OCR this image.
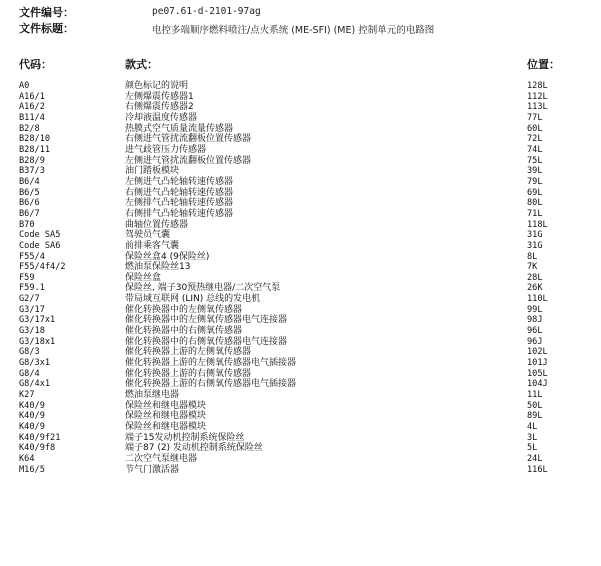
文件编号：	pe07.61-d-2101-97ag
文件标题：	电控多端顺序燃料喷注/点火系统 (ME-SFI) (ME) 控制单元的电路图
代码：	款式：	位置：
A0	颜色标记的说明	128L
A16/1	左侧爆震传感器1	112L
A16/2	右侧爆震传感器2	113L
B11/4	冷却液温度传感器	77L
B2/8	热膜式空气质量流量传感器	60L
B28/10	右侧进气管扰流翻板位置传感器	72L
B28/11	进气歧管压力传感器	74L
B28/9	左侧进气管扰流翻板位置传感器	75L
B37/3	油门踏板模块	39L
B6/4	左侧进气凸轮轴转速传感器	79L
B6/5	右侧进气凸轮轴转速传感器	69L
B6/6	左侧排气凸轮轴转速传感器	80L
B6/7	右侧排气凸轮轴转速传感器	71L
B70	曲轴位置传感器	118L
Code SA5	驾驶员气囊	31G
Code SA6	前排乘客气囊	31G
F55/4	保险丝盒4 (9保险丝)	8L
F55/4f4/2	燃油泵保险丝13	7K
F59	保险丝盒	28L
F59.1	保险丝, 端子30预热继电器/二次空气泵	26K
G2/7	带局域互联网 (LIN) 总线的发电机	110L
G3/17	催化转换器中的左侧氧传感器	99L
G3/17x1	催化转换器中的左侧氧传感器电气连接器	98J
G3/18	催化转换器中的右侧氧传感器	96L
G3/18x1	催化转换器中的右侧氧传感器电气连接器	96J
G8/3	催化转换器上游的左侧氧传感器	102L
G8/3x1	催化转换器上游的左侧氧传感器电气插接器	101J
G8/4	催化转换器上游的右侧氧传感器	105L
G8/4x1	催化转换器上游的右侧氧传感器电气插接器	104J
K27	燃油泵继电器	11L
K40/9	保险丝和继电器模块	50L
K40/9	保险丝和继电器模块	89L
K40/9	保险丝和继电器模块	4L
K40/9f21	端子15发动机控制系统保险丝	3L
K40/9f8	端子87 (2) 发动机控制系统保险丝	5L
K64	二次空气泵继电器	24L
M16/5	节气门激活器	116L
